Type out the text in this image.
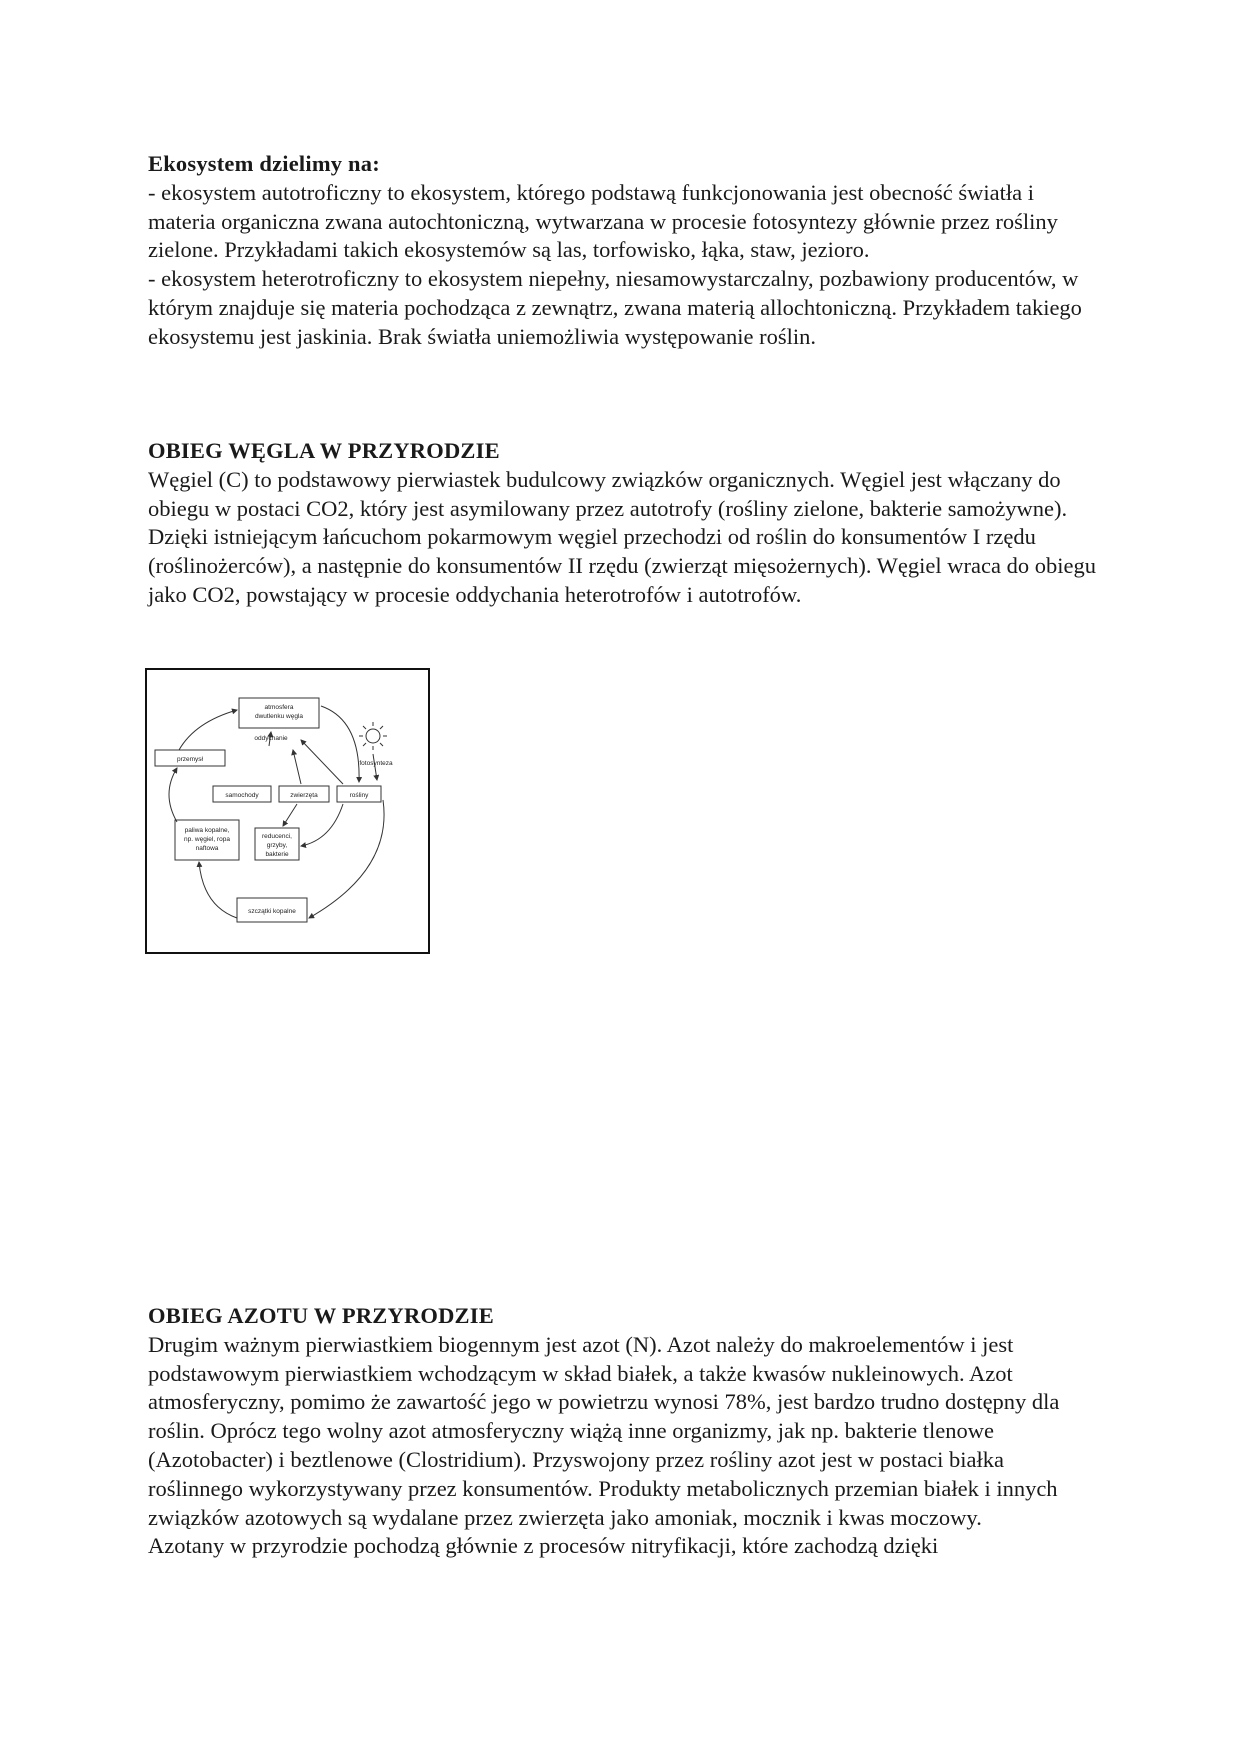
Ekosystem dzielimy na:

- ekosystem autotroficzny to ekosystem, którego podstawą funkcjonowania jest obecność światła i materia organiczna zwana autochtoniczną, wytwarzana w procesie fotosyntezy głównie przez rośliny zielone. Przykładami takich ekosystemów są las, torfowisko, łąka, staw, jezioro.

- ekosystem heterotroficzny to ekosystem niepełny, niesamowystarczalny, pozbawiony producentów, w którym znajduje się materia pochodząca z zewnątrz, zwana materią allochtoniczną. Przykładem takiego ekosystemu jest jaskinia. Brak światła uniemożliwia występowanie roślin.

OBIEG WĘGLA W PRZYRODZIE

Węgiel (C) to podstawowy pierwiastek budulcowy związków organicznych. Węgiel jest włączany do obiegu w postaci CO2, który jest asymilowany przez autotrofy (rośliny zielone, bakterie samożywne). Dzięki istniejącym łańcuchom pokarmowym węgiel przechodzi od roślin do konsumentów I rzędu (roślinożerców), a następnie do konsumentów II rzędu (zwierząt mięsożernych). Węgiel wraca do obiegu jako CO2, powstający w procesie oddychania heterotrofów i autotrofów.

atmosfera
dwutlenku węgla
oddychanie
przemysł
fotosynteza
samochody	zwierzęta	rośliny
paliwa kopalne,
np. węgiel, ropa
naftowa
reducenci,
grzyby,
bakterie
szczątki kopalne

OBIEG AZOTU W PRZYRODZIE

Drugim ważnym pierwiastkiem biogennym jest azot (N). Azot należy do makroelementów i jest podstawowym pierwiastkiem wchodzącym w skład białek, a także kwasów nukleinowych. Azot atmosferyczny, pomimo że zawartość jego w powietrzu wynosi 78%, jest bardzo trudno dostępny dla roślin. Oprócz tego wolny azot atmosferyczny wiążą inne organizmy, jak np. bakterie tlenowe (Azotobacter) i beztlenowe (Clostridium). Przyswojony przez rośliny azot jest w postaci białka roślinnego wykorzystywany przez konsumentów. Produkty metabolicznych przemian białek i innych związków azotowych są wydalane przez zwierzęta jako amoniak, mocznik i kwas moczowy.

Azotany w przyrodzie pochodzą głównie z procesów nitryfikacji, które zachodzą dzięki
